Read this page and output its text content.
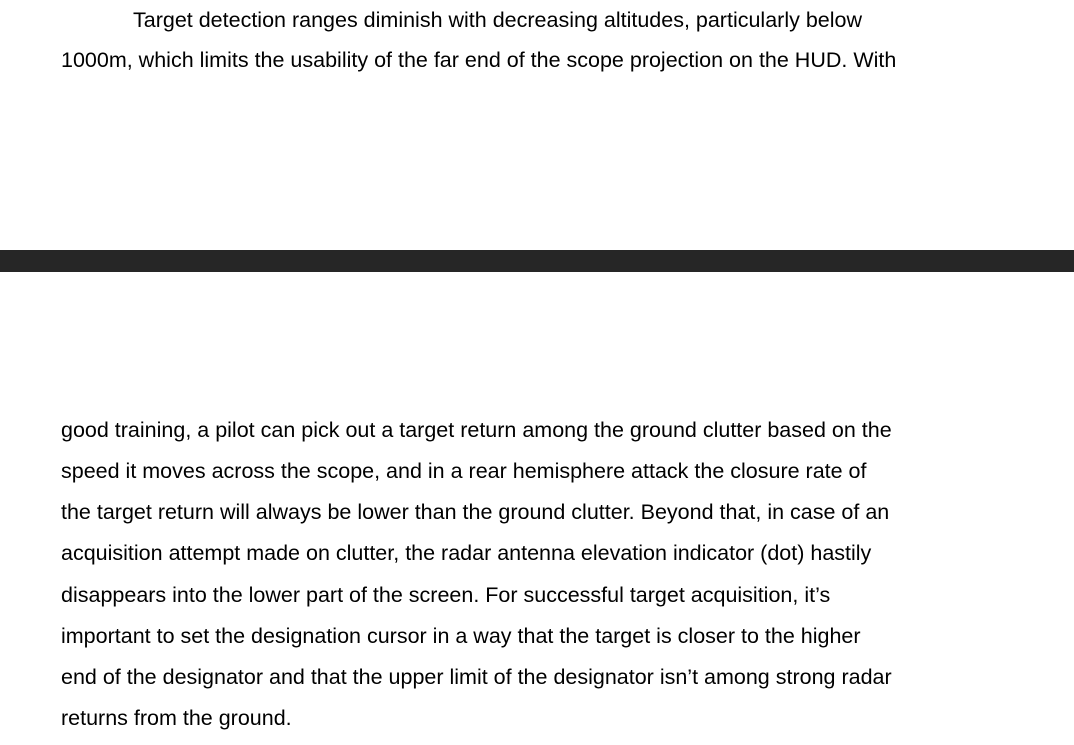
Target detection ranges diminish with decreasing altitudes, particularly below

1000m, which limits the usability of the far end of the scope projection on the HUD. With

good training, a pilot can pick out a target return among the ground clutter based on the

speed it moves across the scope, and in a rear hemisphere attack the closure rate of

the target return will always be lower than the ground clutter. Beyond that, in case of an

acquisition attempt made on clutter, the radar antenna elevation indicator (dot) hastily

disappears into the lower part of the screen. For successful target acquisition, it’s

important to set the designation cursor in a way that the target is closer to the higher

end of the designator and that the upper limit of the designator isn’t among strong radar

returns from the ground.
